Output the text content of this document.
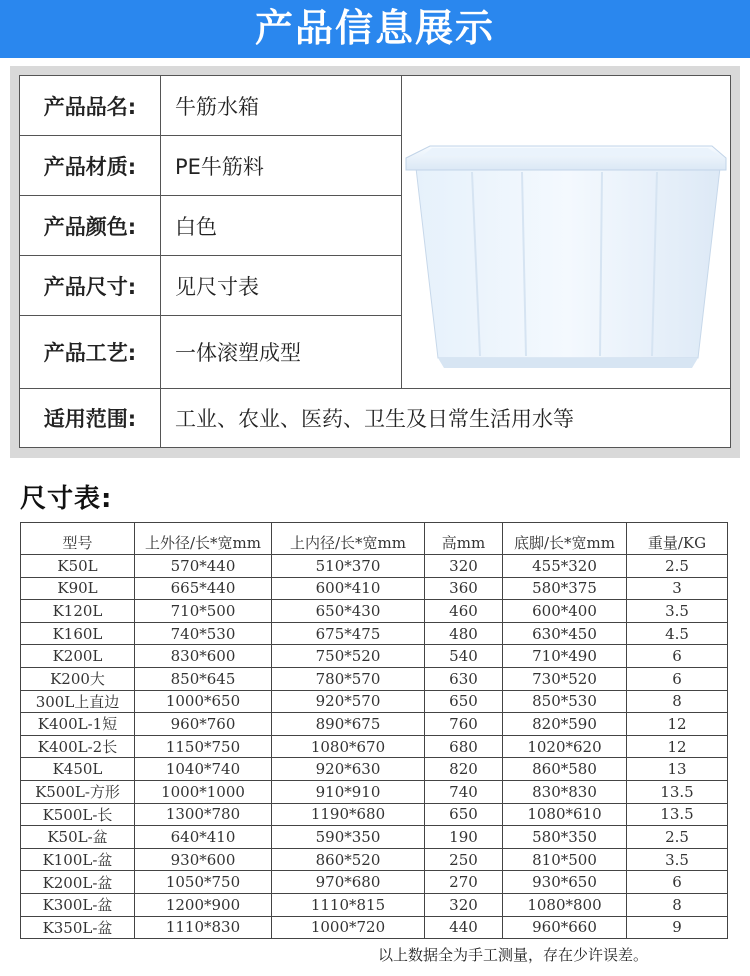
产品信息展示
产品品名:	牛筋水箱
产品材质:	PE牛筋料
产品颜色:	白色
产品尺寸:	见尺寸表
产品工艺:	一体滚塑成型
适用范围:	工业、农业、医药、卫生及日常生活用水等
尺寸表:
型号	上外径/长*宽mm	上内径/长*宽mm	高mm	底脚/长*宽mm	重量/KG
K50L	570*440	510*370	320	455*320	2.5
K90L	665*440	600*410	360	580*375	3
K120L	710*500	650*430	460	600*400	3.5
K160L	740*530	675*475	480	630*450	4.5
K200L	830*600	750*520	540	710*490	6
K200大	850*645	780*570	630	730*520	6
300L上直边	1000*650	920*570	650	850*530	8
K400L-1短	960*760	890*675	760	820*590	12
K400L-2长	1150*750	1080*670	680	1020*620	12
K450L	1040*740	920*630	820	860*580	13
K500L-方形	1000*1000	910*910	740	830*830	13.5
K500L-长	1300*780	1190*680	650	1080*610	13.5
K50L-盆	640*410	590*350	190	580*350	2.5
K100L-盆	930*600	860*520	250	810*500	3.5
K200L-盆	1050*750	970*680	270	930*650	6
K300L-盆	1200*900	1110*815	320	1080*800	8
K350L-盆	1110*830	1000*720	440	960*660	9
以上数据全为手工测量，存在少许误差。
